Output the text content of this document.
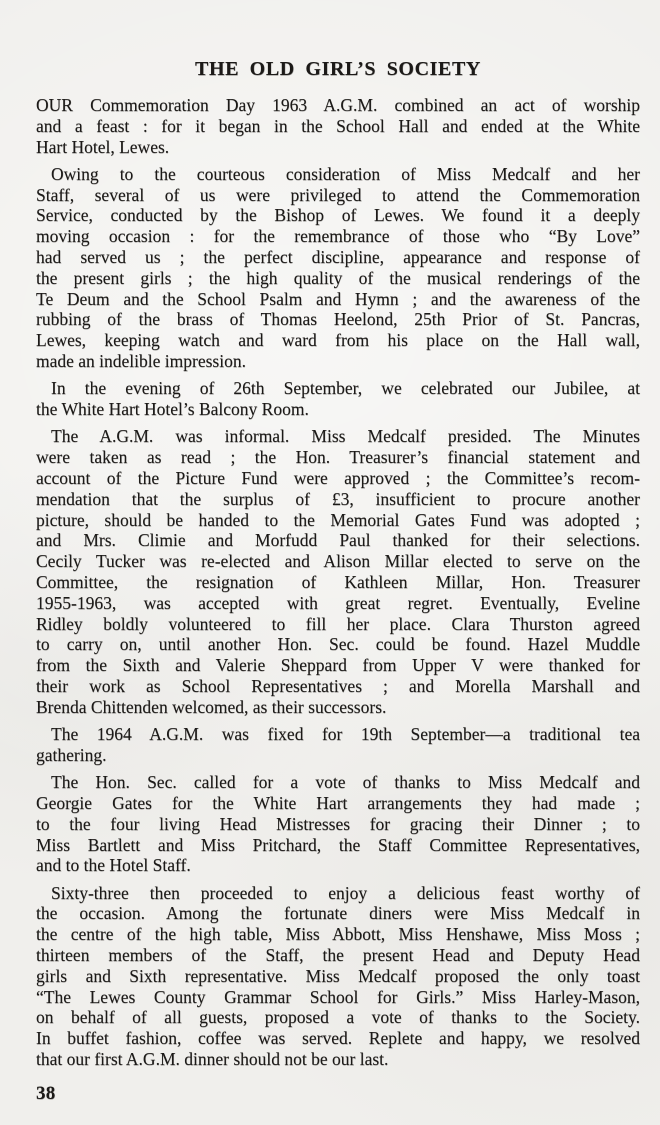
THE OLD GIRL’S SOCIETY
OUR Commemoration Day 1963 A.G.M. combined an act of worship
and a feast : for it began in the School Hall and ended at the White
Hart Hotel, Lewes.
Owing to the courteous consideration of Miss Medcalf and her
Staff, several of us were privileged to attend the Commemoration
Service, conducted by the Bishop of Lewes. We found it a deeply
moving occasion : for the remembrance of those who “By Love”
had served us ; the perfect discipline, appearance and response of
the present girls ; the high quality of the musical renderings of the
Te Deum and the School Psalm and Hymn ; and the awareness of the
rubbing of the brass of Thomas Heelond, 25th Prior of St. Pancras,
Lewes, keeping watch and ward from his place on the Hall wall,
made an indelible impression.
In the evening of 26th September, we celebrated our Jubilee, at
the White Hart Hotel’s Balcony Room.
The A.G.M. was informal. Miss Medcalf presided. The Minutes
were taken as read ; the Hon. Treasurer’s financial statement and
account of the Picture Fund were approved ; the Committee’s recom-
mendation that the surplus of £3, insufficient to procure another
picture, should be handed to the Memorial Gates Fund was adopted ;
and Mrs. Climie and Morfudd Paul thanked for their selections.
Cecily Tucker was re-elected and Alison Millar elected to serve on the
Committee, the resignation of Kathleen Millar, Hon. Treasurer
1955-1963, was accepted with great regret. Eventually, Eveline
Ridley boldly volunteered to fill her place. Clara Thurston agreed
to carry on, until another Hon. Sec. could be found. Hazel Muddle
from the Sixth and Valerie Sheppard from Upper V were thanked for
their work as School Representatives ; and Morella Marshall and
Brenda Chittenden welcomed, as their successors.
The 1964 A.G.M. was fixed for 19th September—a traditional tea
gathering.
The Hon. Sec. called for a vote of thanks to Miss Medcalf and
Georgie Gates for the White Hart arrangements they had made ;
to the four living Head Mistresses for gracing their Dinner ; to
Miss Bartlett and Miss Pritchard, the Staff Committee Representatives,
and to the Hotel Staff.
Sixty-three then proceeded to enjoy a delicious feast worthy of
the occasion. Among the fortunate diners were Miss Medcalf in
the centre of the high table, Miss Abbott, Miss Henshawe, Miss Moss ;
thirteen members of the Staff, the present Head and Deputy Head
girls and Sixth representative. Miss Medcalf proposed the only toast
“The Lewes County Grammar School for Girls.” Miss Harley-Mason,
on behalf of all guests, proposed a vote of thanks to the Society.
In buffet fashion, coffee was served. Replete and happy, we resolved
that our first A.G.M. dinner should not be our last.
38
